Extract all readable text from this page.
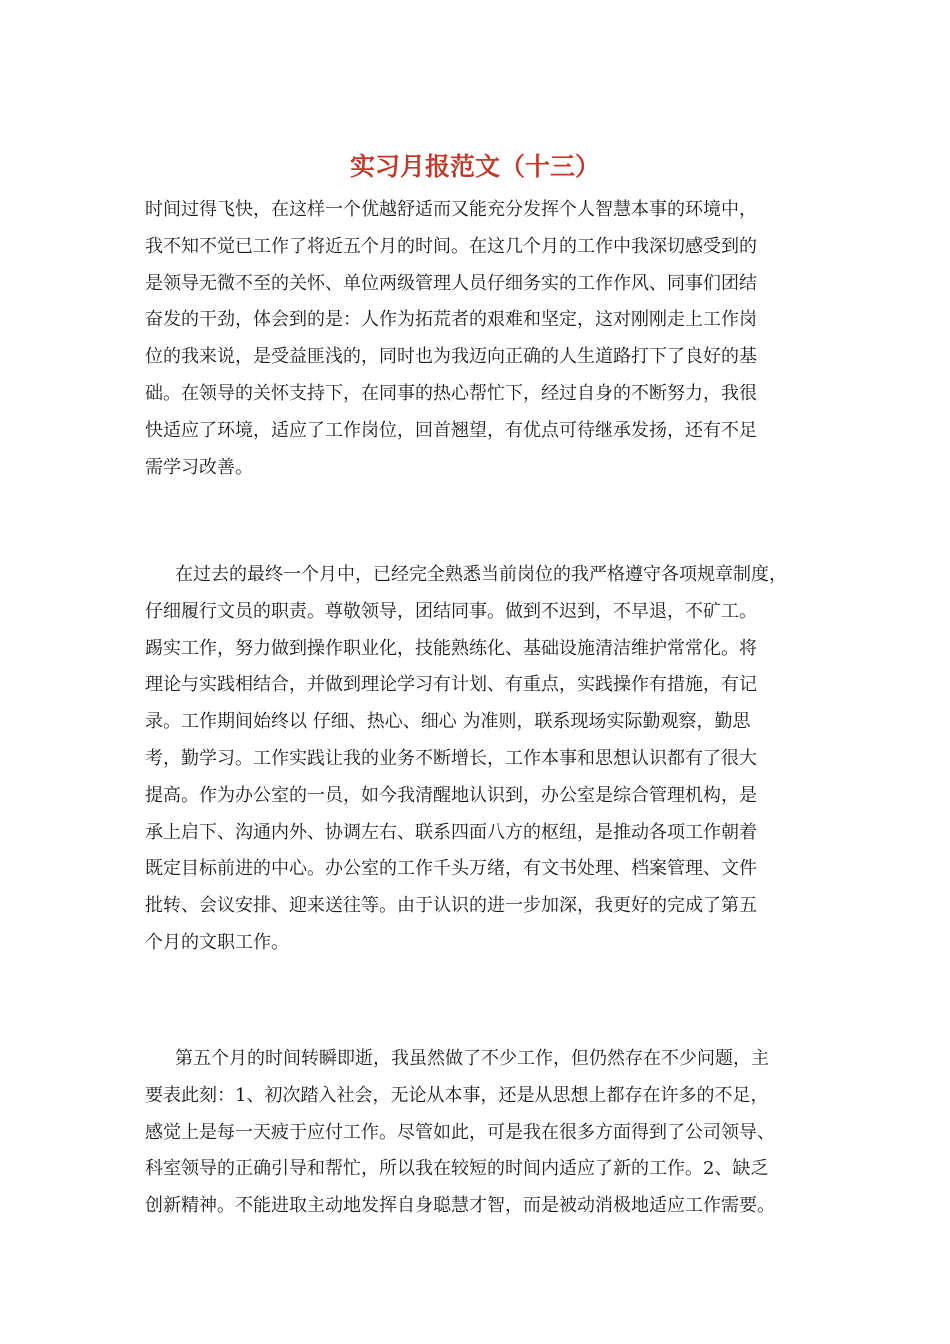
实习月报范文（十三）
时间过得飞快，在这样一个优越舒适而又能充分发挥个人智慧本事的环境中，
我不知不觉已工作了将近五个月的时间。在这几个月的工作中我深切感受到的
是领导无微不至的关怀、单位两级管理人员仔细务实的工作作风、同事们团结
奋发的干劲，体会到的是：人作为拓荒者的艰难和坚定，这对刚刚走上工作岗
位的我来说，是受益匪浅的，同时也为我迈向正确的人生道路打下了良好的基
础。在领导的关怀支持下，在同事的热心帮忙下，经过自身的不断努力，我很
快适应了环境，适应了工作岗位，回首翘望，有优点可待继承发扬，还有不足
需学习改善。
在过去的最终一个月中，已经完全熟悉当前岗位的我严格遵守各项规章制度，
仔细履行文员的职责。尊敬领导，团结同事。做到不迟到，不早退，不矿工。
踢实工作，努力做到操作职业化，技能熟练化、基础设施清洁维护常常化。将
理论与实践相结合，并做到理论学习有计划、有重点，实践操作有措施，有记
录。工作期间始终以 仔细、热心、细心 为准则，联系现场实际勤观察，勤思
考，勤学习。工作实践让我的业务不断增长，工作本事和思想认识都有了很大
提高。作为办公室的一员，如今我清醒地认识到，办公室是综合管理机构，是
承上启下、沟通内外、协调左右、联系四面八方的枢纽，是推动各项工作朝着
既定目标前进的中心。办公室的工作千头万绪，有文书处理、档案管理、文件
批转、会议安排、迎来送往等。由于认识的进一步加深，我更好的完成了第五
个月的文职工作。
第五个月的时间转瞬即逝，我虽然做了不少工作，但仍然存在不少问题，主
要表此刻：1、初次踏入社会，无论从本事，还是从思想上都存在许多的不足，
感觉上是每一天疲于应付工作。尽管如此，可是我在很多方面得到了公司领导、
科室领导的正确引导和帮忙，所以我在较短的时间内适应了新的工作。2、缺乏
创新精神。不能进取主动地发挥自身聪慧才智，而是被动消极地适应工作需要。
